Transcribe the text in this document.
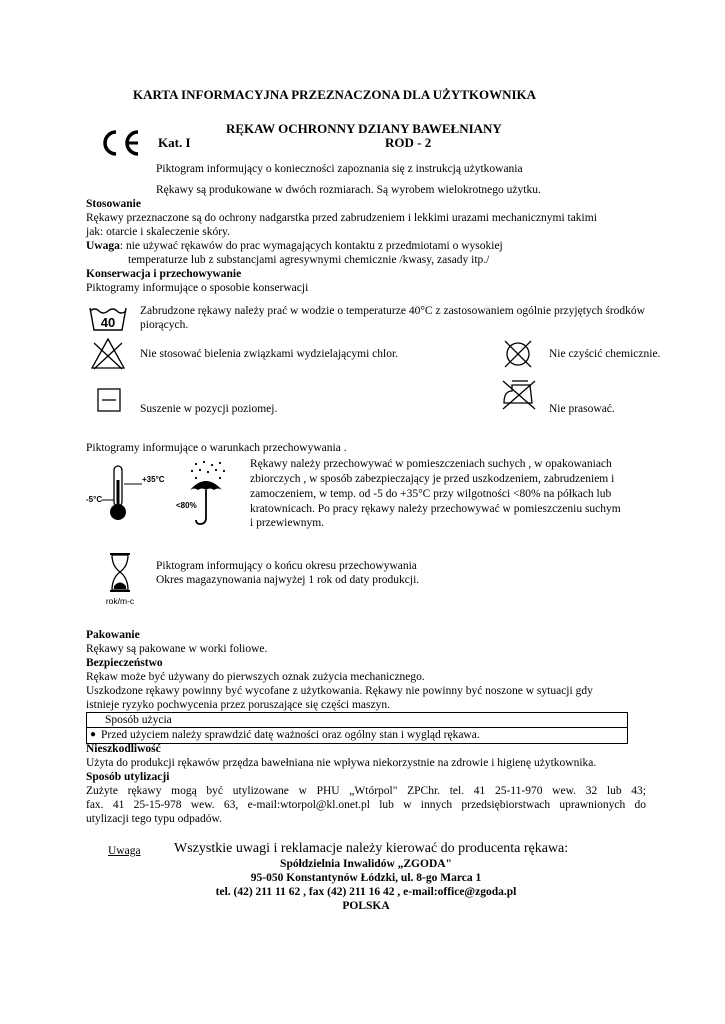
KARTA INFORMACYJNA PRZEZNACZONA DLA UŻYTKOWNIKA
RĘKAW OCHRONNY DZIANY BAWEŁNIANY
Kat. I	ROD - 2
Piktogram informujący o konieczności zapoznania się z instrukcją użytkowania
Rękawy są produkowane w dwóch rozmiarach. Są wyrobem wielokrotnego użytku.
Stosowanie
Rękawy przeznaczone są do ochrony nadgarstka przed zabrudzeniem i lekkimi urazami mechanicznymi takimi
jak: otarcie i skaleczenie skóry.
Uwaga: nie używać rękawów do prac wymagających kontaktu z przedmiotami o wysokiej
temperaturze lub z substancjami agresywnymi chemicznie /kwasy, zasady itp./
Konserwacja i przechowywanie
Piktogramy informujące o sposobie konserwacji
40
Zabrudzone rękawy należy prać w wodzie o temperaturze 40°C z zastosowaniem ogólnie przyjętych środków
piorących.
Nie stosować bielenia związkami wydzielającymi chlor.	Nie czyścić chemicznie.
Suszenie w pozycji poziomej.	Nie prasować.
Piktogramy informujące o warunkach przechowywania .
+35°C
-5°C
<80%
Rękawy należy przechowywać w pomieszczeniach suchych , w opakowaniach
zbiorczych , w sposób zabezpieczający je przed uszkodzeniem, zabrudzeniem i
zamoczeniem, w temp. od -5 do +35°C przy wilgotności <80% na półkach lub
kratownicach. Po pracy rękawy należy przechowywać w pomieszczeniu suchym
i przewiewnym.
rok/m-c
Piktogram informujący o końcu okresu przechowywania
Okres magazynowania najwyżej 1 rok od daty produkcji.
Pakowanie
Rękawy są pakowane w worki foliowe.
Bezpieczeństwo
Rękaw może być używany do pierwszych oznak zużycia mechanicznego.
Uszkodzone rękawy powinny być wycofane z użytkowania. Rękawy nie powinny być noszone w sytuacji gdy
istnieje ryzyko pochwycenia przez poruszające się części maszyn.
Sposób użycia
● Przed użyciem należy sprawdzić datę ważności oraz ogólny stan i wygląd rękawa.
Nieszkodliwość
Użyta do produkcji rękawów przędza bawełniana nie wpływa niekorzystnie na zdrowie i higienę użytkownika.
Sposób utylizacji
Zużyte rękawy mogą być utylizowane w PHU „Wtórpol" ZPChr. tel. 41 25-11-970 wew. 32 lub 43;
fax. 41 25-15-978 wew. 63, e-mail:wtorpol@kl.onet.pl lub w innych przedsiębiorstwach uprawnionych do
utylizacji tego typu odpadów.
Uwaga Wszystkie uwagi i reklamacje należy kierować do producenta rękawa:
Spółdzielnia Inwalidów „ZGODA"
95-050 Konstantynów Łódzki, ul. 8-go Marca 1
tel. (42) 211 11 62 , fax (42) 211 16 42 , e-mail:office@zgoda.pl
POLSKA
